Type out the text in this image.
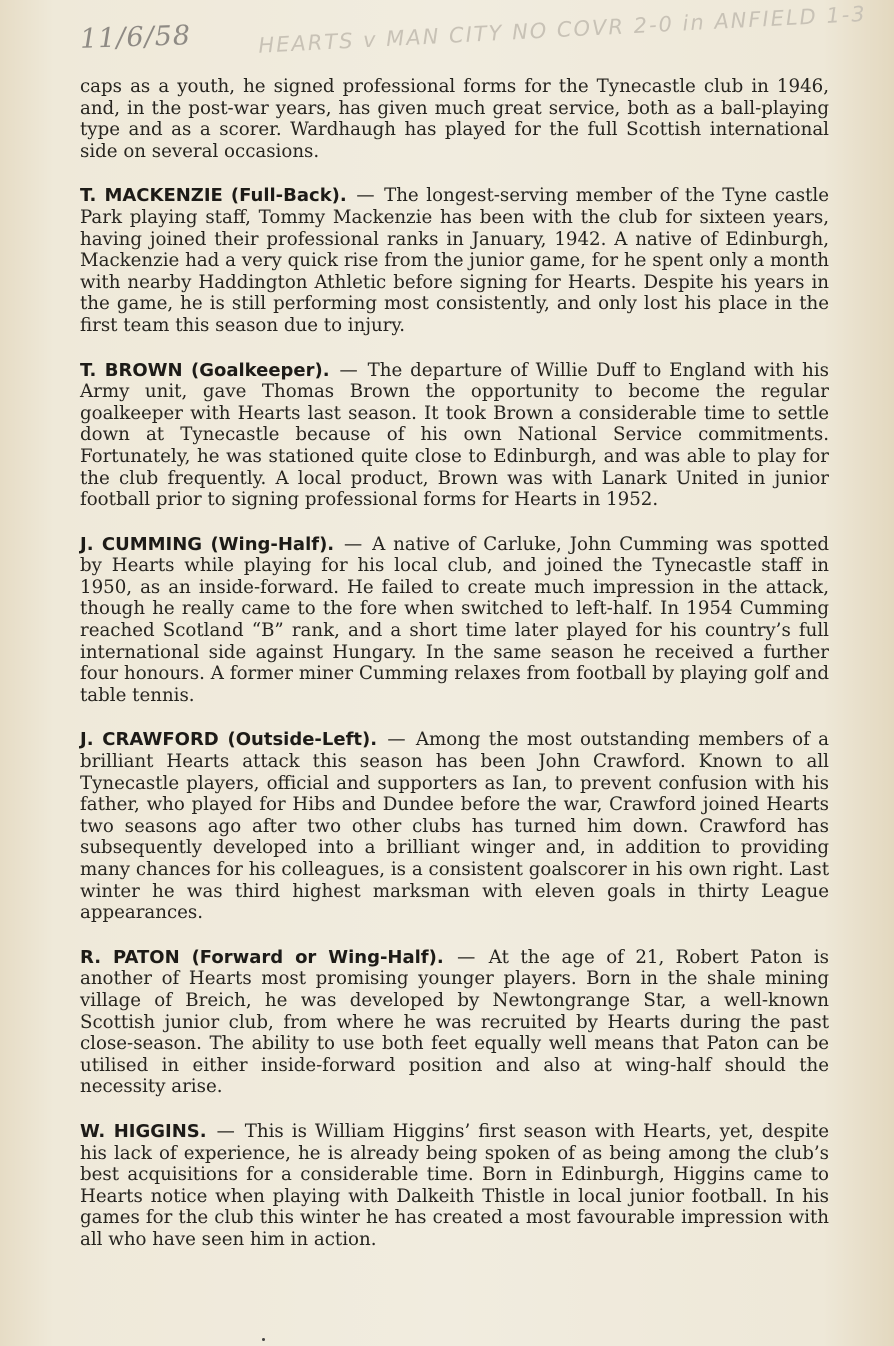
11/6/58	HEARTS v MAN CITY NO COVR 2-0 in ANFIELD 1-3

caps as a youth, he signed professional forms for the Tynecastle club in 1946, and, in the post-war years, has given much great service, both as a ball-playing type and as a scorer. Wardhaugh has played for the full Scottish international side on several occasions.

T. MACKENZIE (Full-Back). — The longest-serving member of the Tyne castle Park playing staff, Tommy Mackenzie has been with the club for sixteen years, having joined their professional ranks in January, 1942. A native of Edinburgh, Mackenzie had a very quick rise from the junior game, for he spent only a month with nearby Haddington Athletic before signing for Hearts. Despite his years in the game, he is still performing most consistently, and only lost his place in the first team this season due to injury.

T. BROWN (Goalkeeper). — The departure of Willie Duff to England with his Army unit, gave Thomas Brown the opportunity to become the regular goalkeeper with Hearts last season. It took Brown a considerable time to settle down at Tynecastle because of his own National Service commitments. Fortunately, he was stationed quite close to Edinburgh, and was able to play for the club frequently. A local product, Brown was with Lanark United in junior football prior to signing professional forms for Hearts in 1952.

J. CUMMING (Wing-Half). — A native of Carluke, John Cumming was spotted by Hearts while playing for his local club, and joined the Tynecastle staff in 1950, as an inside-forward. He failed to create much impression in the attack, though he really came to the fore when switched to left-half. In 1954 Cumming reached Scotland “B” rank, and a short time later played for his country’s full international side against Hungary. In the same season he received a further four honours. A former miner Cumming relaxes from football by playing golf and table tennis.

J. CRAWFORD (Outside-Left). — Among the most outstanding members of a brilliant Hearts attack this season has been John Crawford. Known to all Tynecastle players, official and supporters as Ian, to prevent confusion with his father, who played for Hibs and Dundee before the war, Crawford joined Hearts two seasons ago after two other clubs has turned him down. Crawford has subsequently developed into a brilliant winger and, in addition to providing many chances for his colleagues, is a consistent goalscorer in his own right. Last winter he was third highest marksman with eleven goals in thirty League appearances.

R. PATON (Forward or Wing-Half). — At the age of 21, Robert Paton is another of Hearts most promising younger players. Born in the shale mining village of Breich, he was developed by Newtongrange Star, a well-known Scottish junior club, from where he was recruited by Hearts during the past close-season. The ability to use both feet equally well means that Paton can be utilised in either inside-forward position and also at wing-half should the necessity arise.

W. HIGGINS. — This is William Higgins’ first season with Hearts, yet, despite his lack of experience, he is already being spoken of as being among the club’s best acquisitions for a considerable time. Born in Edinburgh, Higgins came to Hearts notice when playing with Dalkeith Thistle in local junior football. In his games for the club this winter he has created a most favourable impression with all who have seen him in action.
